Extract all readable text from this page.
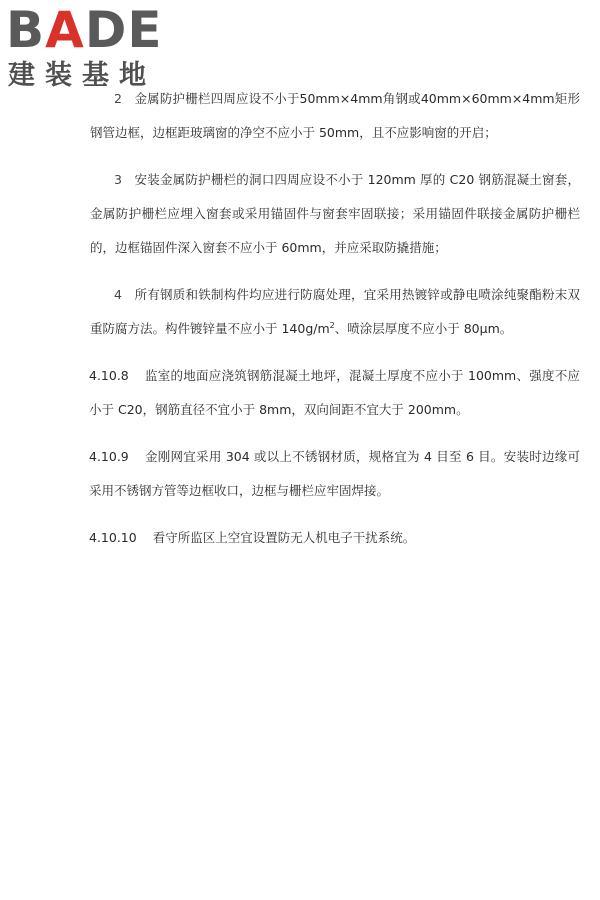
BADE
建装基地

2 金属防护栅栏四周应设不小于50mm×4mm角钢或40mm×60mm×4mm矩形钢管边框，边框距玻璃窗的净空不应小于 50mm，且不应影响窗的开启；

3 安装金属防护栅栏的洞口四周应设不小于 120mm 厚的 C20 钢筋混凝土窗套，金属防护栅栏应埋入窗套或采用锚固件与窗套牢固联接；采用锚固件联接金属防护栅栏的，边框锚固件深入窗套不应小于 60mm，并应采取防撬措施；

4 所有钢质和铁制构件均应进行防腐处理，宜采用热镀锌或静电喷涂纯聚酯粉末双重防腐方法。构件镀锌量不应小于 $140g/m^2$、喷涂层厚度不应小于 80μm。

4.10.8 监室的地面应浇筑钢筋混凝土地坪，混凝土厚度不应小于 100mm、强度不应小于 C20，钢筋直径不宜小于 8mm，双向间距不宜大于 200mm。

4.10.9 金刚网宜采用 304 或以上不锈钢材质，规格宜为 4 目至 6 目。安装时边缘可采用不锈钢方管等边框收口，边框与栅栏应牢固焊接。

4.10.10 看守所监区上空宜设置防无人机电子干扰系统。
